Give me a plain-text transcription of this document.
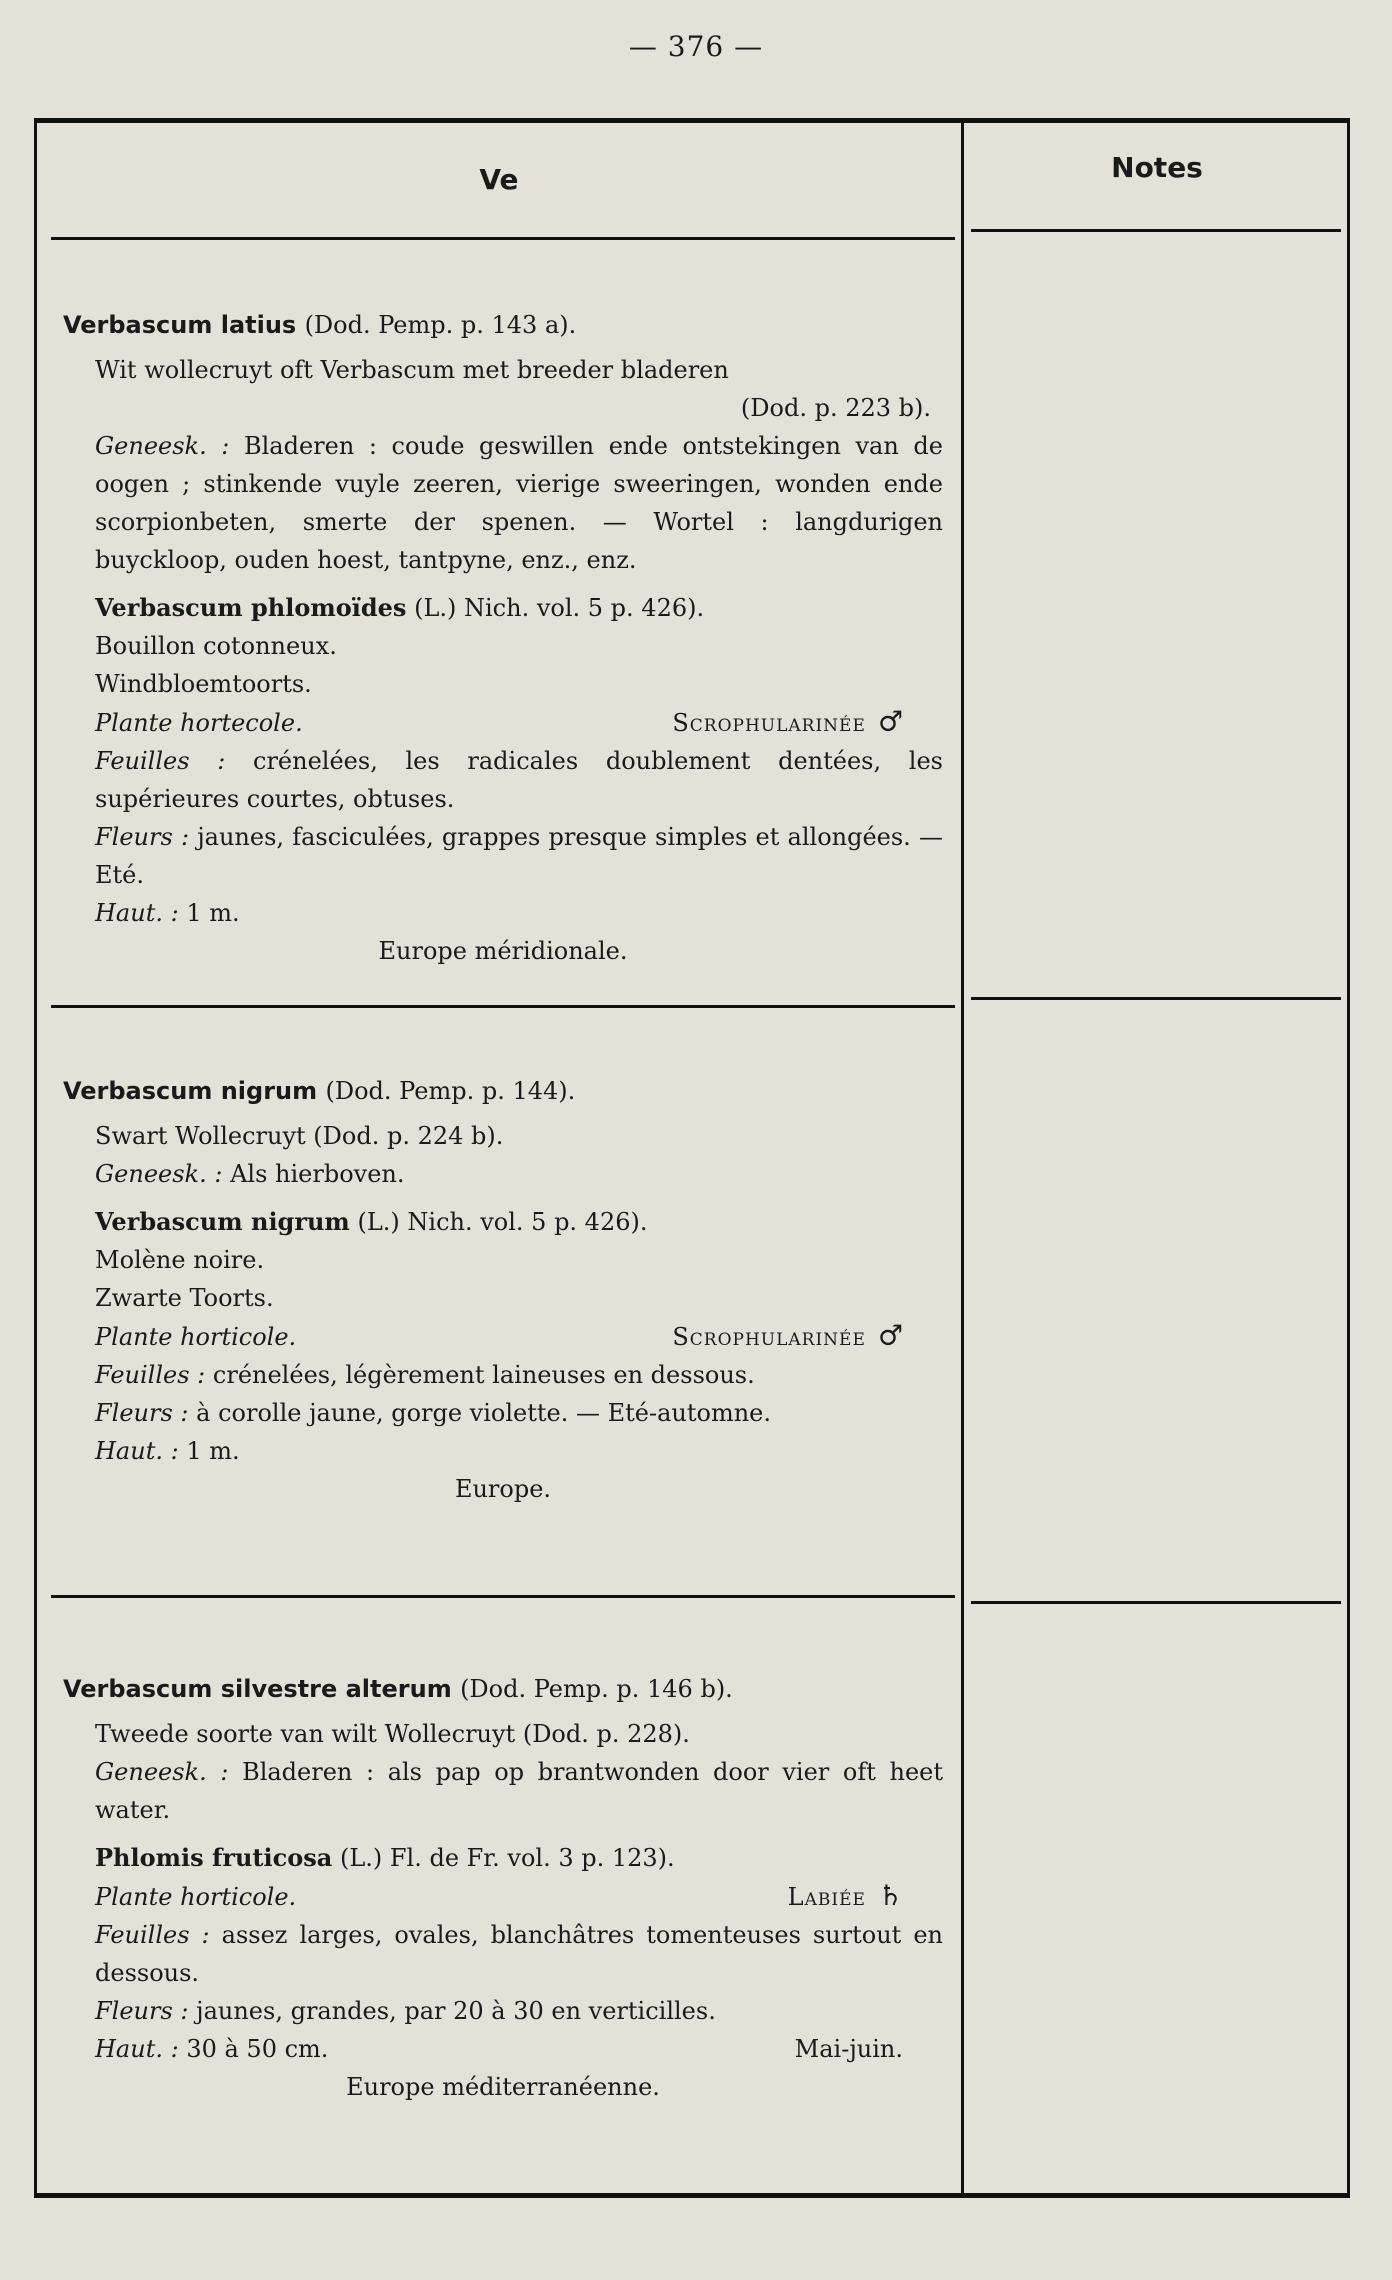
— 376 —
Ve	Notes

Verbascum latius (Dod. Pemp. p. 143 a).

Wit wollecruyt oft Verbascum met breeder bladeren

(Dod. p. 223 b).

Geneesk. : Bladeren : coude geswillen ende ontstekingen van de oogen ; stinkende vuyle zeeren, vierige sweeringen, wonden ende scorpionbeten, smerte der spenen. — Wortel : langdurigen buyckloop, ouden hoest, tantpyne, enz., enz.

Verbascum phlomoïdes (L.) Nich. vol. 5 p. 426).

Bouillon cotonneux.

Windbloemtoorts.

Plante hortecole.	Scrophularinée ♂

Feuilles : crénelées, les radicales doublement dentées, les supérieures courtes, obtuses.

Fleurs : jaunes, fasciculées, grappes presque simples et allongées. — Eté.

Haut. : 1 m.

Europe méridionale.

Verbascum nigrum (Dod. Pemp. p. 144).

Swart Wollecruyt (Dod. p. 224 b).

Geneesk. : Als hierboven.

Verbascum nigrum (L.) Nich. vol. 5 p. 426).

Molène noire.

Zwarte Toorts.

Plante horticole.	Scrophularinée ♂

Feuilles : crénelées, légèrement laineuses en dessous.

Fleurs : à corolle jaune, gorge violette. — Eté-automne.

Haut. : 1 m.

Europe.

Verbascum silvestre alterum (Dod. Pemp. p. 146 b).

Tweede soorte van wilt Wollecruyt (Dod. p. 228).

Geneesk. : Bladeren : als pap op brantwonden door vier oft heet water.

Phlomis fruticosa (L.) Fl. de Fr. vol. 3 p. 123).

Plante horticole.	Labiée ♄

Feuilles : assez larges, ovales, blanchâtres tomenteuses surtout en dessous.

Fleurs : jaunes, grandes, par 20 à 30 en verticilles.

Haut. : 30 à 50 cm.	Mai-juin.

Europe méditerranéenne.
